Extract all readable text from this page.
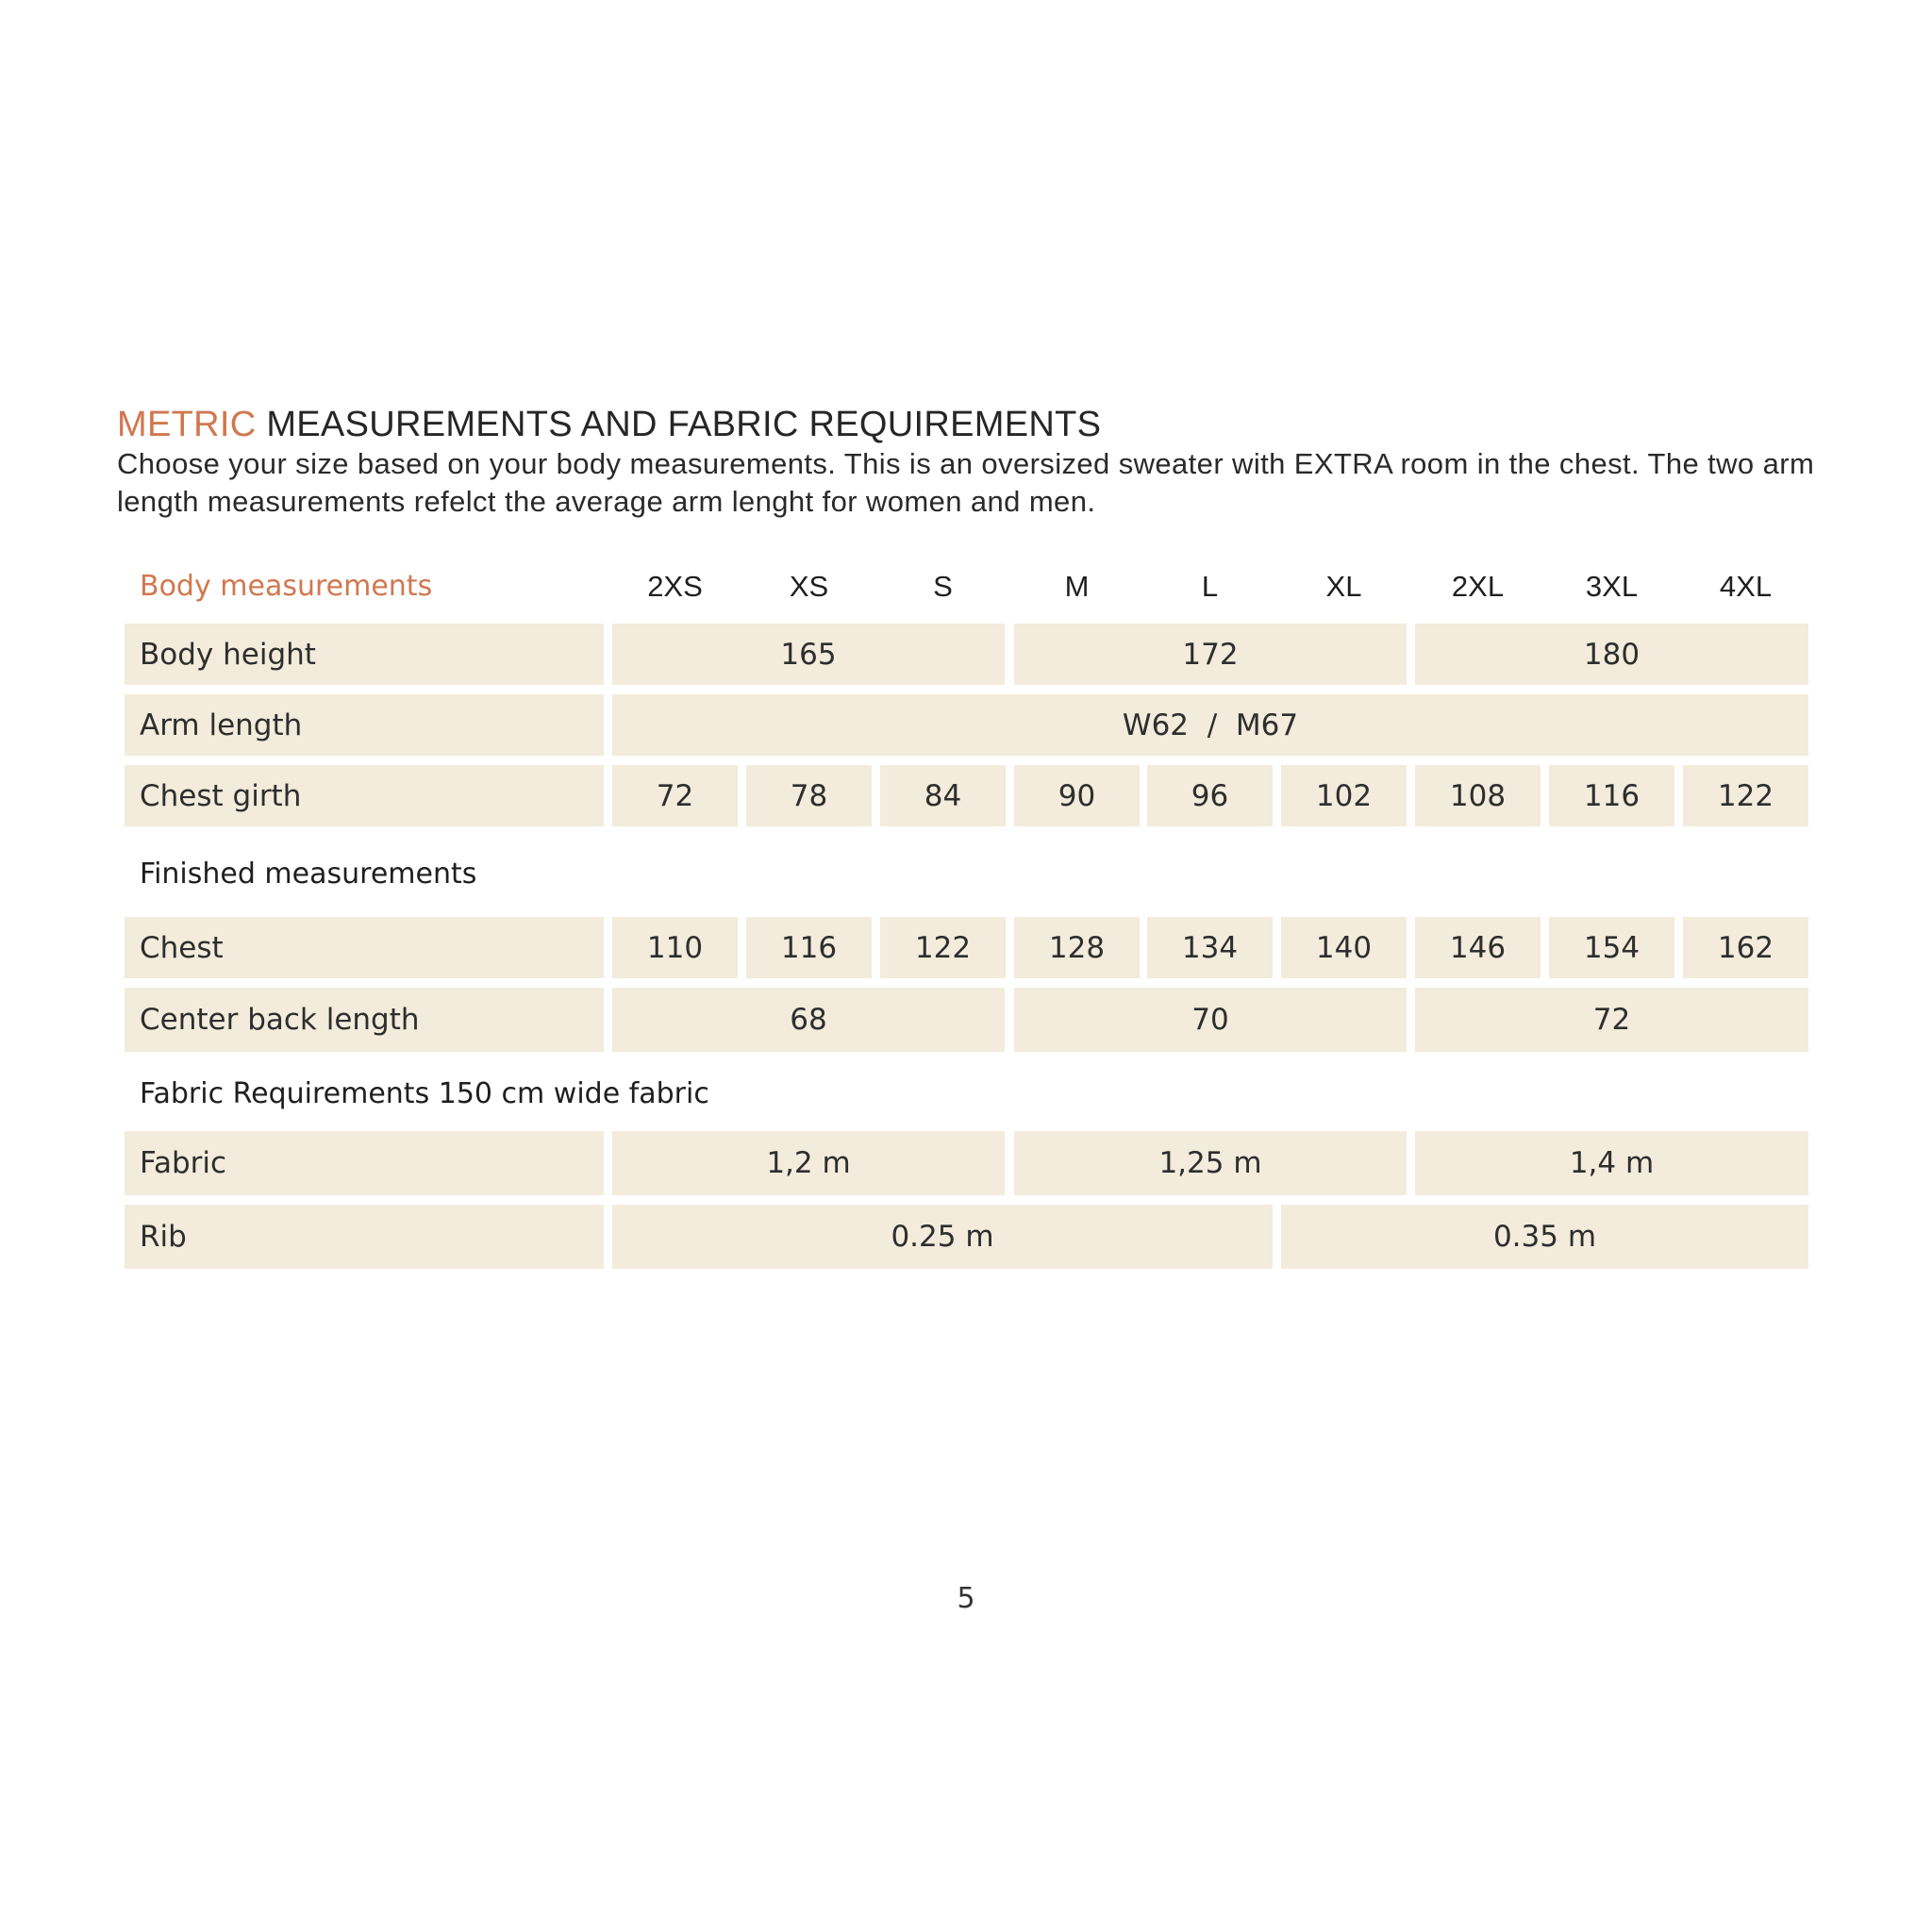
METRIC MEASUREMENTS AND FABRIC REQUIREMENTS
Choose your size based on your body measurements. This is an oversized sweater with EXTRA room in the chest. The two arm length measurements refelct the average arm lenght for women and men.
Body measurements	2XS	XS	S	M	L	XL	2XL	3XL	4XL
Body height	165	172	180
Arm length	W62  /  M67
Chest girth	72	78	84	90	96	102	108	116	122
Finished measurements
Chest	110	116	122	128	134	140	146	154	162
Center back length	68	70	72
Fabric Requirements 150 cm wide fabric
Fabric	1,2 m	1,25 m	1,4 m
Rib	0.25 m	0.35 m
5
